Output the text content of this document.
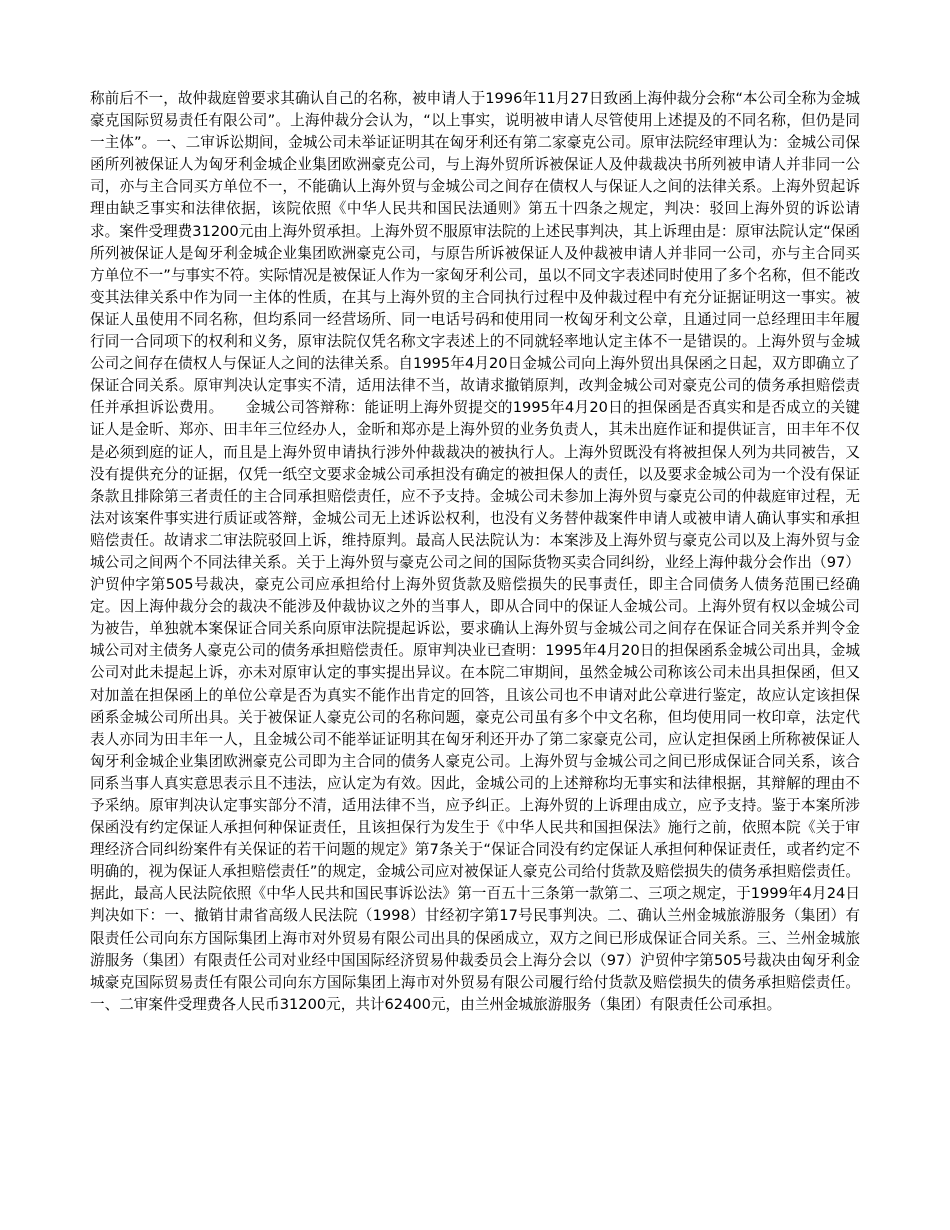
称前后不一，故仲裁庭曾要求其确认自己的名称，被申请人于1996年11月27日致函上海仲裁分会称“本公司全称为金城豪克国际贸易责任有限公司”。上海仲裁分会认为，“以上事实，说明被申请人尽管使用上述提及的不同名称，但仍是同一主体”。一、二审诉讼期间，金城公司未举证证明其在匈牙利还有第二家豪克公司。原审法院经审理认为：金城公司保函所列被保证人为匈牙利金城企业集团欧洲豪克公司，与上海外贸所诉被保证人及仲裁裁决书所列被申请人并非同一公司，亦与主合同买方单位不一，不能确认上海外贸与金城公司之间存在债权人与保证人之间的法律关系。上海外贸起诉理由缺乏事实和法律依据，该院依照《中华人民共和国民法通则》第五十四条之规定，判决：驳回上海外贸的诉讼请求。案件受理费31200元由上海外贸承担。上海外贸不服原审法院的上述民事判决，其上诉理由是：原审法院认定“保函所列被保证人是匈牙利金城企业集团欧洲豪克公司，与原告所诉被保证人及仲裁被申请人并非同一公司，亦与主合同买方单位不一”与事实不符。实际情况是被保证人作为一家匈牙利公司，虽以不同文字表述同时使用了多个名称，但不能改变其法律关系中作为同一主体的性质，在其与上海外贸的主合同执行过程中及仲裁过程中有充分证据证明这一事实。被保证人虽使用不同名称，但均系同一经营场所、同一电话号码和使用同一枚匈牙利文公章，且通过同一总经理田丰年履行同一合同项下的权利和义务，原审法院仅凭名称文字表述上的不同就轻率地认定主体不一是错误的。上海外贸与金城公司之间存在债权人与保证人之间的法律关系。自1995年4月20日金城公司向上海外贸出具保函之日起，双方即确立了保证合同关系。原审判决认定事实不清，适用法律不当，故请求撤销原判，改判金城公司对豪克公司的债务承担赔偿责任并承担诉讼费用。　　金城公司答辩称：能证明上海外贸提交的1995年4月20日的担保函是否真实和是否成立的关键证人是金昕、郑亦、田丰年三位经办人，金昕和郑亦是上海外贸的业务负责人，其未出庭作证和提供证言，田丰年不仅是必须到庭的证人，而且是上海外贸申请执行涉外仲裁裁决的被执行人。上海外贸既没有将被担保人列为共同被告，又没有提供充分的证据，仅凭一纸空文要求金城公司承担没有确定的被担保人的责任，以及要求金城公司为一个没有保证条款且排除第三者责任的主合同承担赔偿责任，应不予支持。金城公司未参加上海外贸与豪克公司的仲裁庭审过程，无法对该案件事实进行质证或答辩，金城公司无上述诉讼权利，也没有义务替仲裁案件申请人或被申请人确认事实和承担赔偿责任。故请求二审法院驳回上诉，维持原判。最高人民法院认为：本案涉及上海外贸与豪克公司以及上海外贸与金城公司之间两个不同法律关系。关于上海外贸与豪克公司之间的国际货物买卖合同纠纷，业经上海仲裁分会作出（97）沪贸仲字第505号裁决，豪克公司应承担给付上海外贸货款及赔偿损失的民事责任，即主合同债务人债务范围已经确定。因上海仲裁分会的裁决不能涉及仲裁协议之外的当事人，即从合同中的保证人金城公司。上海外贸有权以金城公司为被告，单独就本案保证合同关系向原审法院提起诉讼，要求确认上海外贸与金城公司之间存在保证合同关系并判令金城公司对主债务人豪克公司的债务承担赔偿责任。原审判决业已查明：1995年4月20日的担保函系金城公司出具，金城公司对此未提起上诉，亦未对原审认定的事实提出异议。在本院二审期间，虽然金城公司称该公司未出具担保函，但又对加盖在担保函上的单位公章是否为真实不能作出肯定的回答，且该公司也不申请对此公章进行鉴定，故应认定该担保函系金城公司所出具。关于被保证人豪克公司的名称问题，豪克公司虽有多个中文名称，但均使用同一枚印章，法定代表人亦同为田丰年一人，且金城公司不能举证证明其在匈牙利还开办了第二家豪克公司，应认定担保函上所称被保证人匈牙利金城企业集团欧洲豪克公司即为主合同的债务人豪克公司。上海外贸与金城公司之间已形成保证合同关系，该合同系当事人真实意思表示且不违法，应认定为有效。因此，金城公司的上述辩称均无事实和法律根据，其辩解的理由不予采纳。原审判决认定事实部分不清，适用法律不当，应予纠正。上海外贸的上诉理由成立，应予支持。鉴于本案所涉保函没有约定保证人承担何种保证责任，且该担保行为发生于《中华人民共和国担保法》施行之前，依照本院《关于审理经济合同纠纷案件有关保证的若干问题的规定》第7条关于“保证合同没有约定保证人承担何种保证责任，或者约定不明确的，视为保证人承担赔偿责任”的规定，金城公司应对被保证人豪克公司给付货款及赔偿损失的债务承担赔偿责任。据此，最高人民法院依照《中华人民共和国民事诉讼法》第一百五十三条第一款第二、三项之规定，于1999年4月24日判决如下：一、撤销甘肃省高级人民法院（1998）甘经初字第17号民事判决。二、确认兰州金城旅游服务（集团）有限责任公司向东方国际集团上海市对外贸易有限公司出具的保函成立，双方之间已形成保证合同关系。三、兰州金城旅游服务（集团）有限责任公司对业经中国国际经济贸易仲裁委员会上海分会以（97）沪贸仲字第505号裁决由匈牙利金城豪克国际贸易责任有限公司向东方国际集团上海市对外贸易有限公司履行给付货款及赔偿损失的债务承担赔偿责任。一、二审案件受理费各人民币31200元，共计62400元，由兰州金城旅游服务（集团）有限责任公司承担。
